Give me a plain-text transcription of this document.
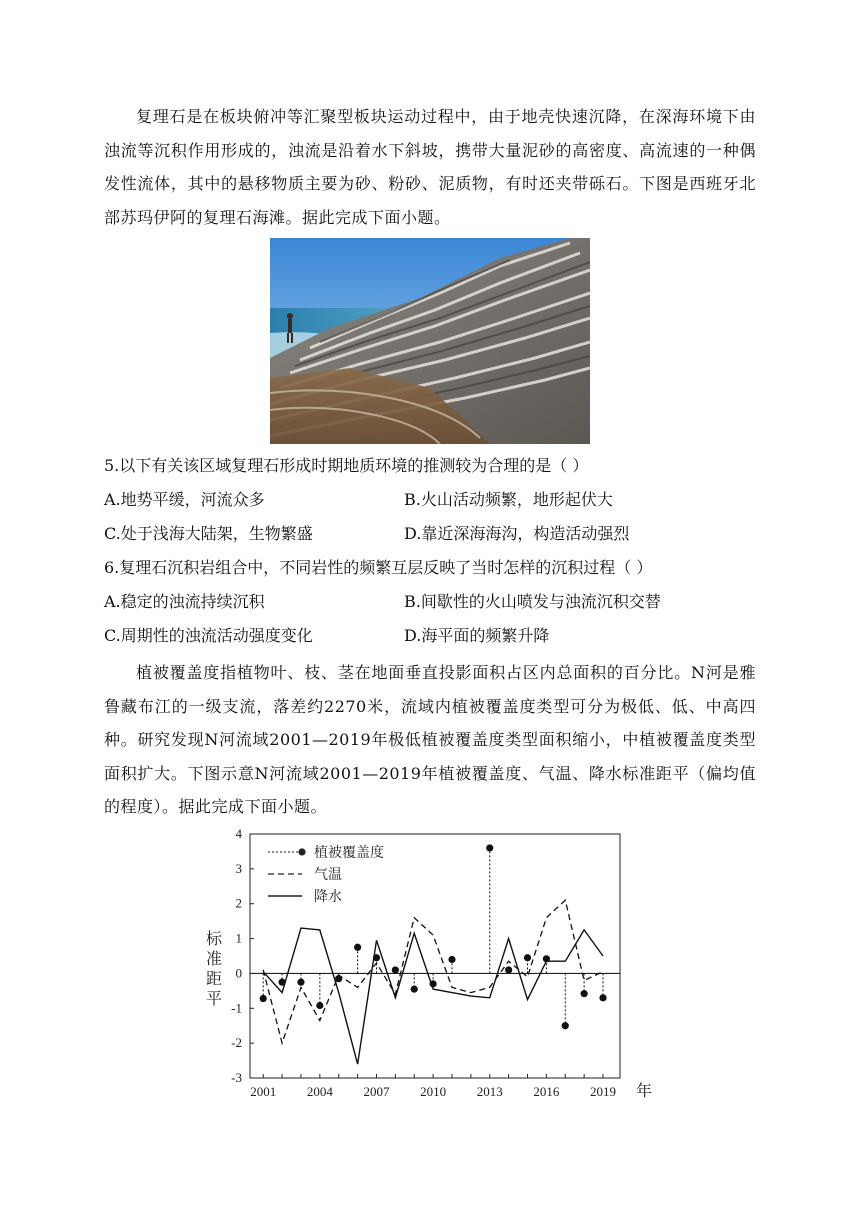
复理石是在板块俯冲等汇聚型板块运动过程中，由于地壳快速沉降，在深海环境下由浊流等沉积作用形成的，浊流是沿着水下斜坡，携带大量泥砂的高密度、高流速的一种偶发性流体，其中的悬移物质主要为砂、粉砂、泥质物，有时还夹带砾石。下图是西班牙北部苏玛伊阿的复理石海滩。据此完成下面小题。
5.以下有关该区域复理石形成时期地质环境的推测较为合理的是（ ）
A.地势平缓，河流众多	B.火山活动频繁，地形起伏大
C.处于浅海大陆架，生物繁盛	D.靠近深海海沟，构造活动强烈
6.复理石沉积岩组合中，不同岩性的频繁互层反映了当时怎样的沉积过程（ ）
A.稳定的浊流持续沉积	B.间歇性的火山喷发与浊流沉积交替
C.周期性的浊流活动强度变化	D.海平面的频繁升降
植被覆盖度指植物叶、枝、茎在地面垂直投影面积占区内总面积的百分比。N河是雅鲁藏布江的一级支流，落差约2270米，流域内植被覆盖度类型可分为极低、低、中高四种。研究发现N河流域2001—2019年极低植被覆盖度类型面积缩小，中植被覆盖度类型面积扩大。下图示意N河流域2001—2019年植被覆盖度、气温、降水标准距平（偏均值的程度）。据此完成下面小题。
4
3
2
1
0
-1
-2
-3
2001 2004 2007 2010 2013 2016 2019
标
准
距
平
年
植被覆盖度
气温
降水
